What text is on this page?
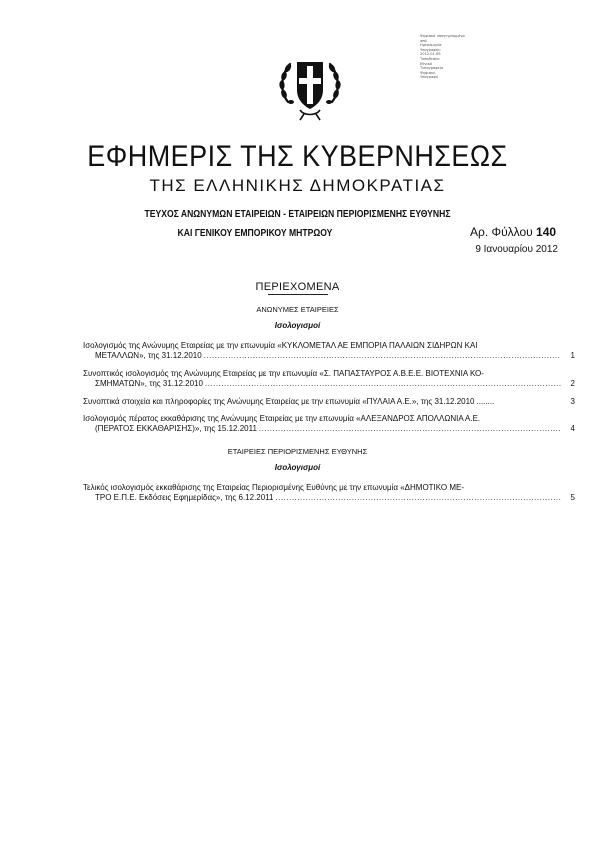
Ψηφιακά υπογεγραμμένο
από
Ημερομηνία
Υπογραφής:
2012.01.09
Τοποθεσία:
Εθνικό
Τυπογραφείο
Ψηφιακή
Υπογραφή
ΕΦΗΜΕΡΙΣ ΤΗΣ ΚΥΒΕΡΝΗΣΕΩΣ
ΤΗΣ ΕΛΛΗΝΙΚΗΣ ΔΗΜΟΚΡΑΤΙΑΣ
ΤΕΥΧΟΣ ΑΝΩΝΥΜΩΝ ΕΤΑΙΡΕΙΩΝ - ΕΤΑΙΡΕΙΩΝ ΠΕΡΙΟΡΙΣΜΕΝΗΣ ΕΥΘΥΝΗΣ
ΚΑΙ ΓΕΝΙΚΟΥ ΕΜΠΟΡΙΚΟΥ ΜΗΤΡΩΟΥ	Αρ. Φύλλου 140
9 Ιανουαρίου 2012
ΠΕΡΙΕΧΟΜΕΝΑ
ΑΝΩΝΥΜΕΣ ΕΤΑΙΡΕΙΕΣ
Ισολογισμοί
Ισολογισμός της Ανώνυμης Εταιρείας με την επωνυμία «ΚΥΚΛΟΜΕΤΑΛ ΑΕ ΕΜΠΟΡΙΑ ΠΑΛΑΙΩΝ ΣΙΔΗΡΩΝ ΚΑΙ
ΜΕΤΑΛΛΩΝ», της 31.12.2010 .....	1
Συνοπτικός ισολογισμός της Ανώνυμης Εταιρείας με την επωνυμία «Σ. ΠΑΠΑΣΤΑΥΡΟΣ Α.Β.Ε.Ε. ΒΙΟΤΕΧΝΙΑ ΚΟ-
ΣΜΗΜΑΤΩΝ», της 31.12.2010 .....	2
Συνοπτικά στοιχεία και πληροφορίες της Ανώνυμης Εταιρείας με την επωνυμία «ΠΥΛΑΙΑ Α.Ε.», της 31.12.2010 .....	3
Ισολογισμός πέρατος εκκαθάρισης της Ανώνυμης Εταιρείας με την επωνυμία «ΑΛΕΞΑΝΔΡΟΣ ΑΠΟΛΛΩΝΙΑ Α.Ε.
(ΠΕΡΑΤΟΣ ΕΚΚΑΘΑΡΙΣΗΣ)», της 15.12.2011 .....	4
ΕΤΑΙΡΕΙΕΣ ΠΕΡΙΟΡΙΣΜΕΝΗΣ ΕΥΘΥΝΗΣ
Ισολογισμοί
Τελικός ισολογισμός εκκαθάρισης της Εταιρείας Περιορισμένης Ευθύνης με την επωνυμία «ΔΗΜΟΤΙΚΟ ΜΕ-
ΤΡΟ Ε.Π.Ε. Εκδόσεις Εφημερίδας», της 6.12.2011 .....	5
